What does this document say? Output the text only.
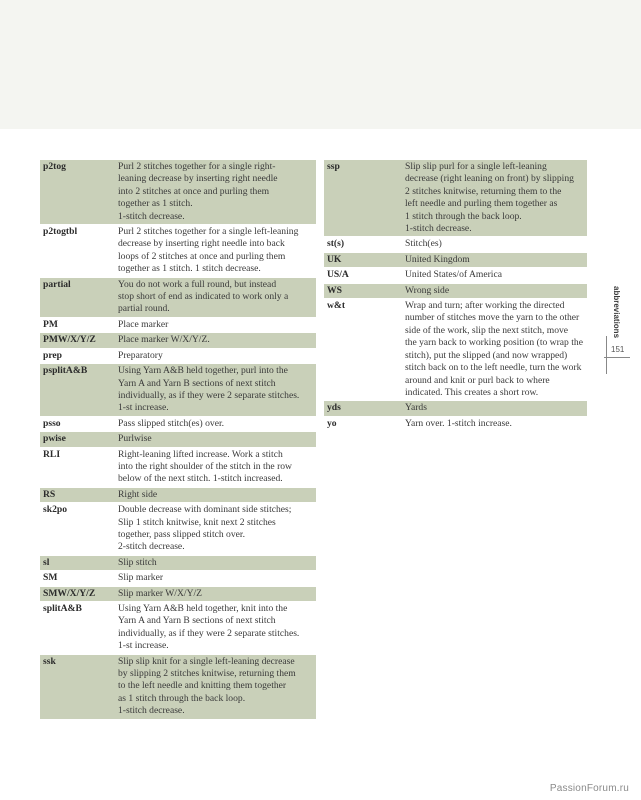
p2tog	Purl 2 stitches together for a single right-
leaning decrease by inserting right needle
into 2 stitches at once and purling them
together as 1 stitch.
1-stitch decrease.
p2togtbl	Purl 2 stitches together for a single left-leaning
decrease by inserting right needle into back
loops of 2 stitches at once and purling them
together as 1 stitch. 1 stitch decrease.
partial	You do not work a full round, but instead
stop short of end as indicated to work only a
partial round.
PM	Place marker
PMW/X/Y/Z	Place marker W/X/Y/Z.
prep	Preparatory
psplitA&B	Using Yarn A&B held together, purl into the
Yarn A and Yarn B sections of next stitch
individually, as if they were 2 separate stitches.
1-st increase.
psso	Pass slipped stitch(es) over.
pwise	Purlwise
RLI	Right-leaning lifted increase. Work a stitch
into the right shoulder of the stitch in the row
below of the next stitch. 1-stitch increased.
RS	Right side
sk2po	Double decrease with dominant side stitches;
Slip 1 stitch knitwise, knit next 2 stitches
together, pass slipped stitch over.
2-stitch decrease.
sl	Slip stitch
SM	Slip marker
SMW/X/Y/Z	Slip marker W/X/Y/Z
splitA&B	Using Yarn A&B held together, knit into the
Yarn A and Yarn B sections of next stitch
individually, as if they were 2 separate stitches.
1-st increase.
ssk	Slip slip knit for a single left-leaning decrease
by slipping 2 stitches knitwise, returning them
to the left needle and knitting them together
as 1 stitch through the back loop.
1-stitch decrease.
ssp	Slip slip purl for a single left-leaning
decrease (right leaning on front) by slipping
2 stitches knitwise, returning them to the
left needle and purling them together as
1 stitch through the back loop.
1-stitch decrease.
st(s)	Stitch(es)
UK	United Kingdom
US/A	United States/of America
WS	Wrong side
w&t	Wrap and turn; after working the directed
number of stitches move the yarn to the other
side of the work, slip the next stitch, move
the yarn back to working position (to wrap the
stitch), put the slipped (and now wrapped)
stitch back on to the left needle, turn the work
around and knit or purl back to where
indicated. This creates a short row.
yds	Yards
yo	Yarn over. 1-stitch increase.
abbreviations
151
PassionForum.ru
